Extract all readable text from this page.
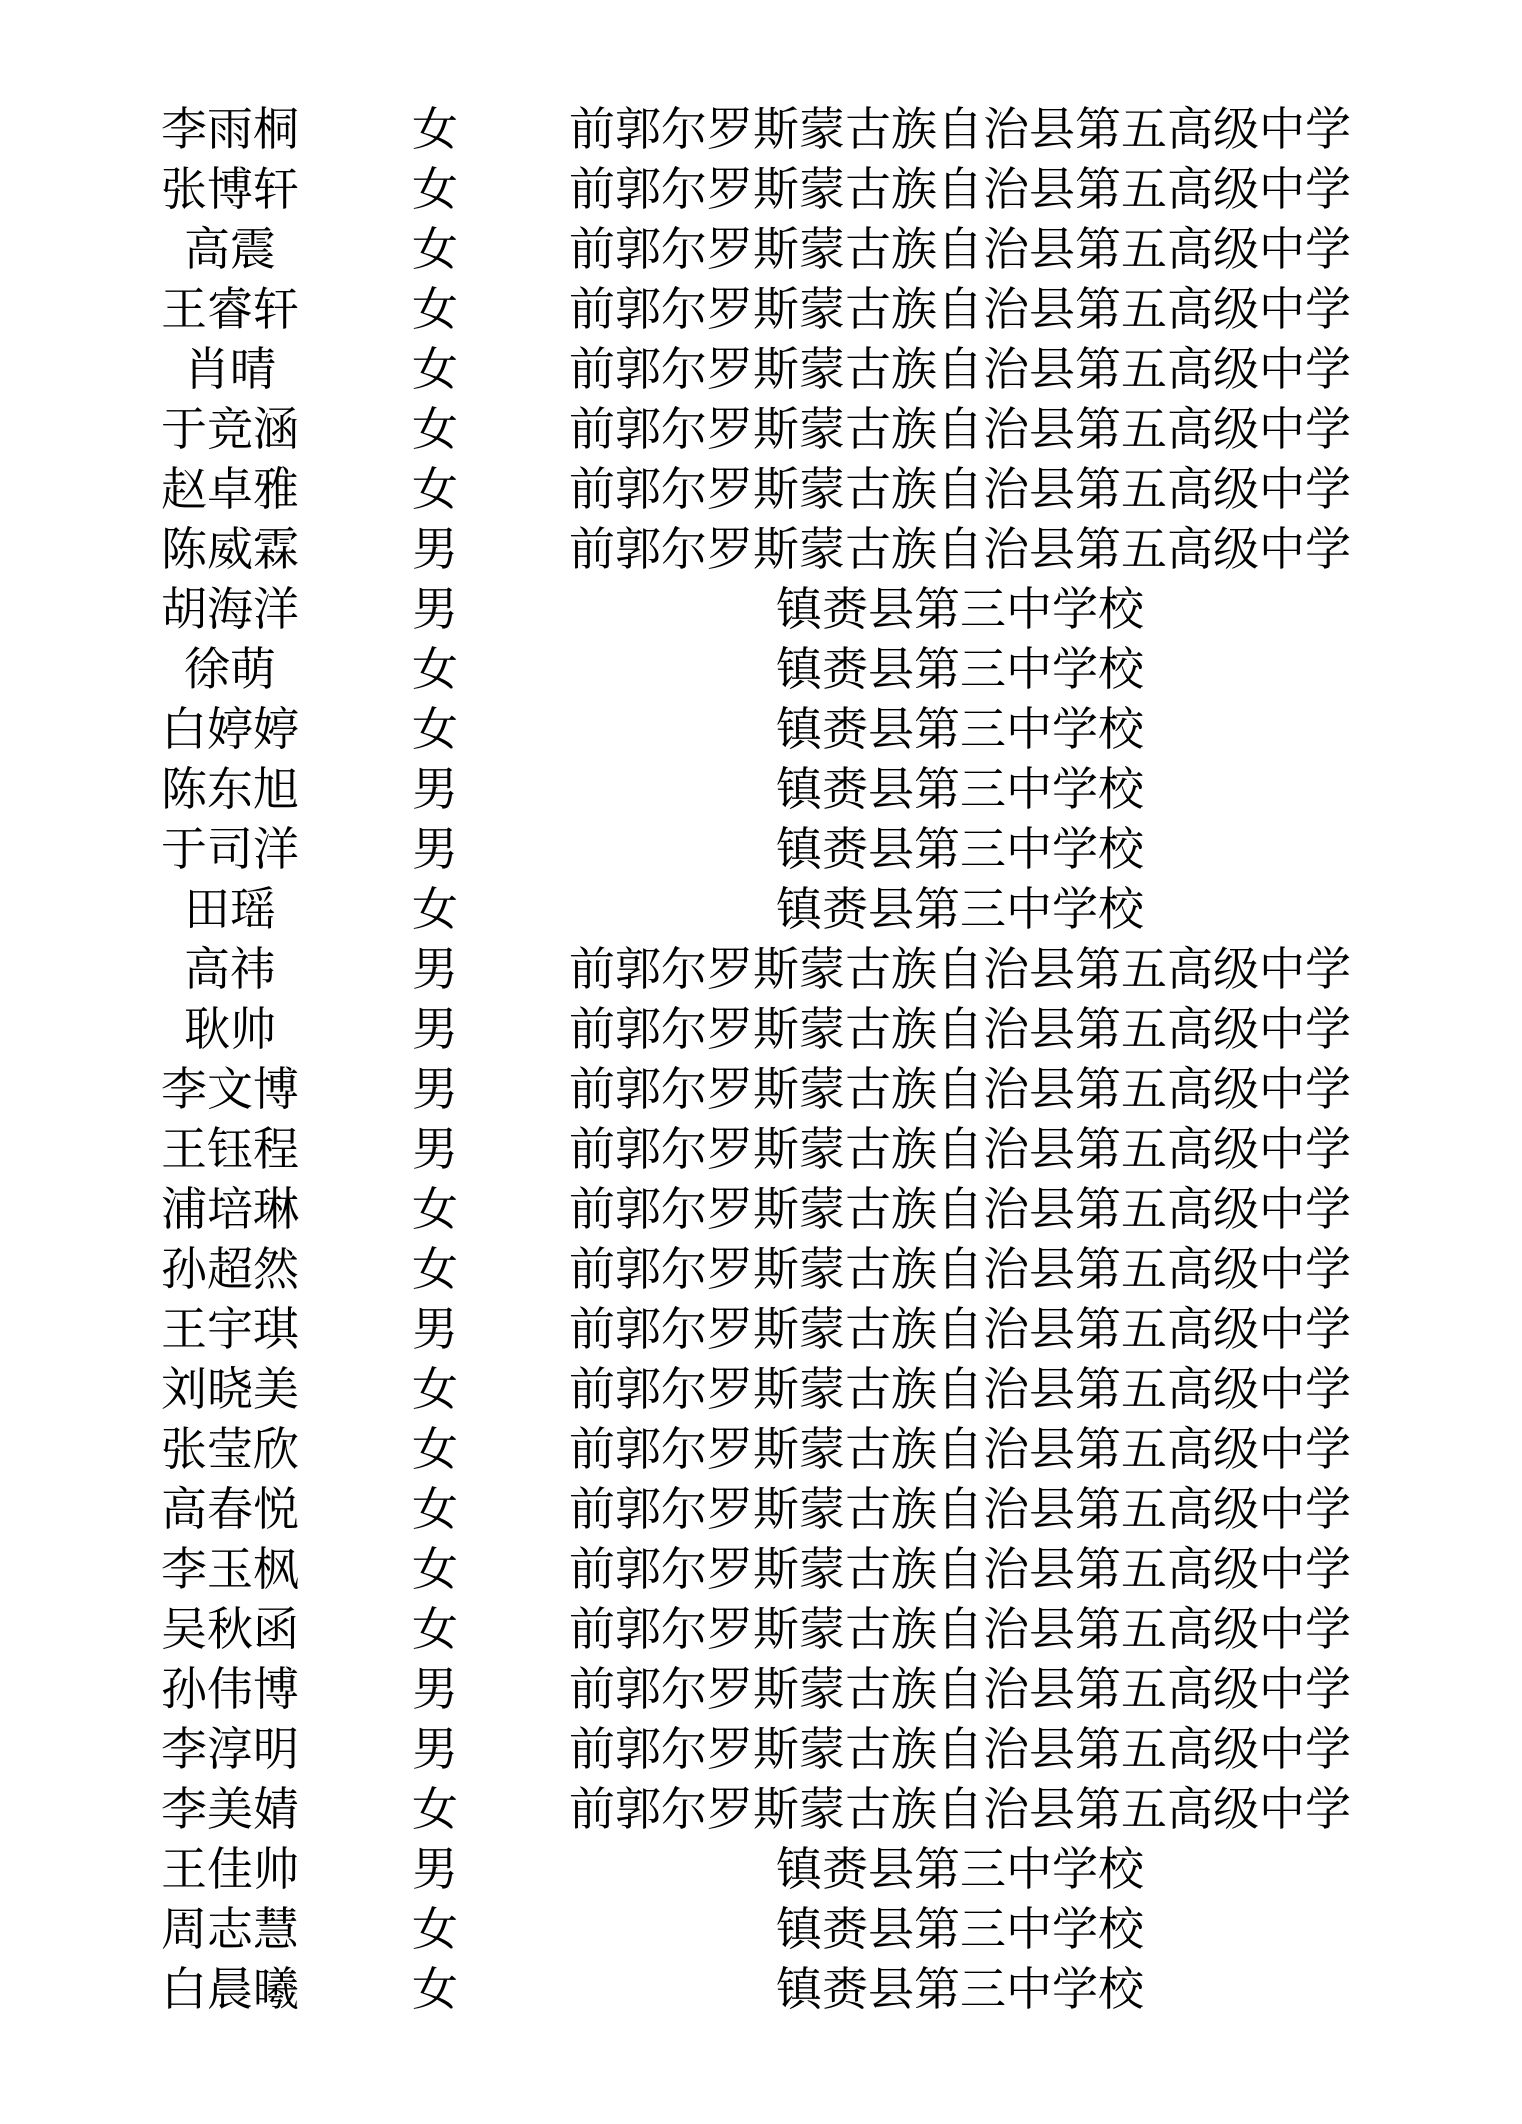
李雨桐	女	前郭尔罗斯蒙古族自治县第五高级中学
张博轩	女	前郭尔罗斯蒙古族自治县第五高级中学
高震	女	前郭尔罗斯蒙古族自治县第五高级中学
王睿轩	女	前郭尔罗斯蒙古族自治县第五高级中学
肖晴	女	前郭尔罗斯蒙古族自治县第五高级中学
于竞涵	女	前郭尔罗斯蒙古族自治县第五高级中学
赵卓雅	女	前郭尔罗斯蒙古族自治县第五高级中学
陈威霖	男	前郭尔罗斯蒙古族自治县第五高级中学
胡海洋	男	镇赉县第三中学校
徐萌	女	镇赉县第三中学校
白婷婷	女	镇赉县第三中学校
陈东旭	男	镇赉县第三中学校
于司洋	男	镇赉县第三中学校
田瑶	女	镇赉县第三中学校
高祎	男	前郭尔罗斯蒙古族自治县第五高级中学
耿帅	男	前郭尔罗斯蒙古族自治县第五高级中学
李文博	男	前郭尔罗斯蒙古族自治县第五高级中学
王钰程	男	前郭尔罗斯蒙古族自治县第五高级中学
浦培琳	女	前郭尔罗斯蒙古族自治县第五高级中学
孙超然	女	前郭尔罗斯蒙古族自治县第五高级中学
王宇琪	男	前郭尔罗斯蒙古族自治县第五高级中学
刘晓美	女	前郭尔罗斯蒙古族自治县第五高级中学
张莹欣	女	前郭尔罗斯蒙古族自治县第五高级中学
高春悦	女	前郭尔罗斯蒙古族自治县第五高级中学
李玉枫	女	前郭尔罗斯蒙古族自治县第五高级中学
吴秋函	女	前郭尔罗斯蒙古族自治县第五高级中学
孙伟博	男	前郭尔罗斯蒙古族自治县第五高级中学
李淳明	男	前郭尔罗斯蒙古族自治县第五高级中学
李美婧	女	前郭尔罗斯蒙古族自治县第五高级中学
王佳帅	男	镇赉县第三中学校
周志慧	女	镇赉县第三中学校
白晨曦	女	镇赉县第三中学校
